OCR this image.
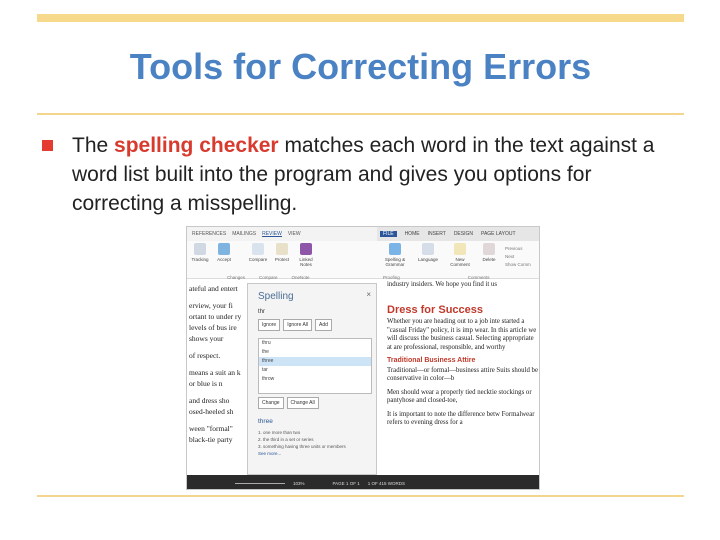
Tools for Correcting Errors
The spelling checker matches each word in the text against a word list built into the program and gives you options for correcting a misspelling.
REFERENCES MAILINGS REVIEW VIEW
Tracking	Accept	Compare	Protect	Linked Notes
Changes	Compare	OneNote
FILE	HOME INSERT DESIGN PAGE LAYOUT
Spelling & Grammar
Language	New Comment
Delete
Previous
Next
Show Comm
Proofing	Comments

ateful and entert

erview, your fi ortant to under ry levels of bus ire shows your

of respect.

means a suit an k or blue is n

and dress sho osed-heeled sh

ween "formal" black-tie party

Spelling	×
thr
Ignore	Ignore All	Add
thru
the
three
tar
throw
Change	Change All
three
1. one more than two
2. the third in a set or series
3. something having three units or members
See more...
industry insiders. We hope you find it us
Dress for Success
Whether you are heading out to a job inte started a "casual Friday" policy, it is imp wear. In this article we will discuss the business casual. Selecting appropriate at are professional, responsible, and worthy
Traditional Business Attire
Traditional—or formal—business attire Suits should be conservative in color—b
Men should wear a properly tied necktie stockings or pantyhose and closed-toe,
It is important to note the difference betw Formalwear refers to evening dress for a
103%	PAGE 1 OF 1 1 OF 415 WORDS
